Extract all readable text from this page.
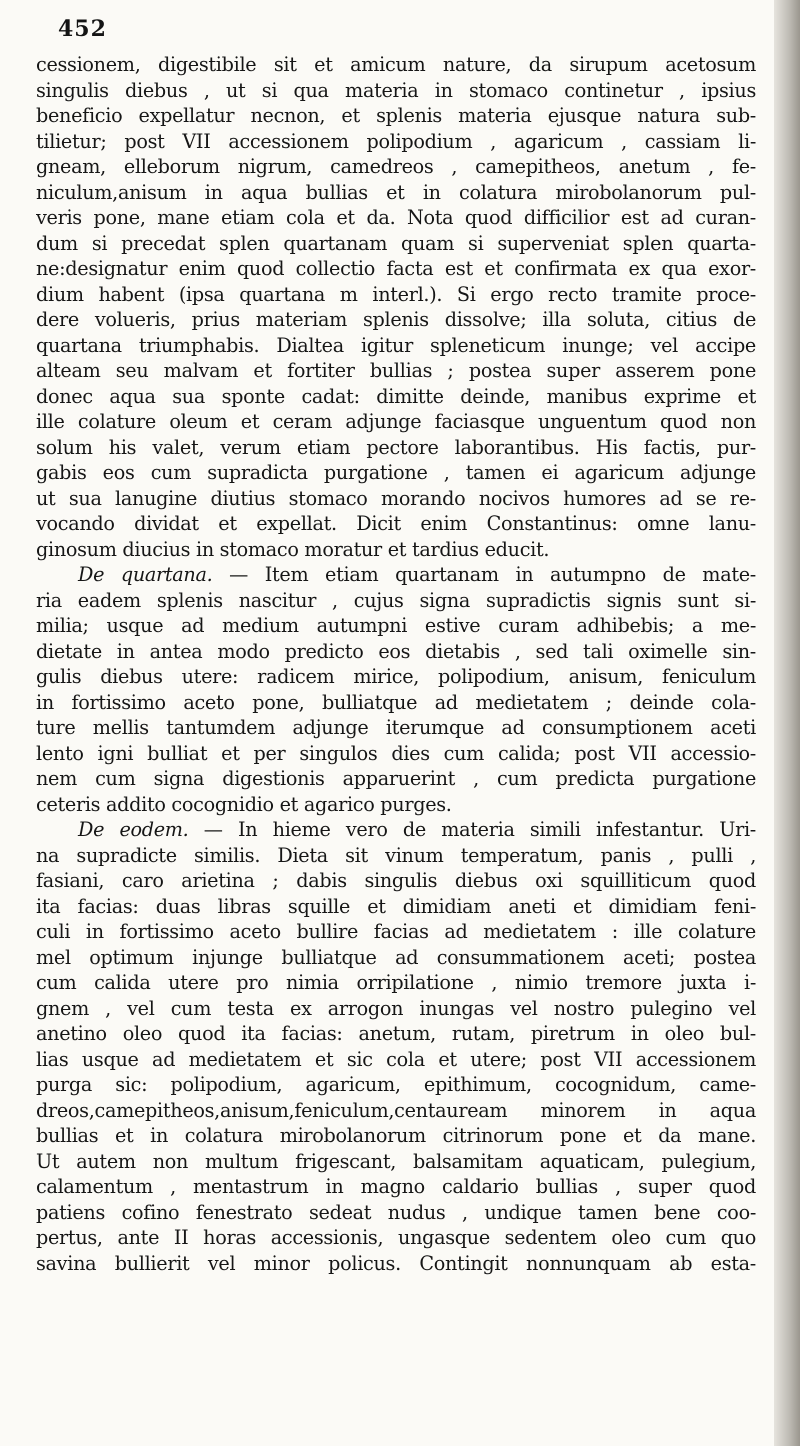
452
cessionem, digestibile sit et amicum nature, da sirupum acetosum
singulis diebus , ut si qua materia in stomaco continetur , ipsius
beneficio expellatur necnon, et splenis materia ejusque natura sub-
tilietur; post VII accessionem polipodium , agaricum , cassiam li-
gneam, elleborum nigrum, camedreos , camepitheos, anetum , fe-
niculum,anisum in aqua bullias et in colatura mirobolanorum pul-
veris pone, mane etiam cola et da. Nota quod difficilior est ad curan-
dum si precedat splen quartanam quam si superveniat splen quarta-
ne:designatur enim quod collectio facta est et confirmata ex qua exor-
dium habent (ipsa quartana m interl.). Si ergo recto tramite proce-
dere volueris, prius materiam splenis dissolve; illa soluta, citius de
quartana triumphabis. Dialtea igitur spleneticum inunge; vel accipe
alteam seu malvam et fortiter bullias ; postea super asserem pone
donec aqua sua sponte cadat: dimitte deinde, manibus exprime et
ille colature oleum et ceram adjunge faciasque unguentum quod non
solum his valet, verum etiam pectore laborantibus. His factis, pur-
gabis eos cum supradicta purgatione , tamen ei agaricum adjunge
ut sua lanugine diutius stomaco morando nocivos humores ad se re-
vocando dividat et expellat. Dicit enim Constantinus: omne lanu-
ginosum diucius in stomaco moratur et tardius educit.
De quartana. — Item etiam quartanam in autumpno de mate-
ria eadem splenis nascitur , cujus signa supradictis signis sunt si-
milia; usque ad medium autumpni estive curam adhibebis; a me-
dietate in antea modo predicto eos dietabis , sed tali oximelle sin-
gulis diebus utere: radicem mirice, polipodium, anisum, feniculum
in fortissimo aceto pone, bulliatque ad medietatem ; deinde cola-
ture mellis tantumdem adjunge iterumque ad consumptionem aceti
lento igni bulliat et per singulos dies cum calida; post VII accessio-
nem cum signa digestionis apparuerint , cum predicta purgatione
ceteris addito cocognidio et agarico purges.
De eodem. — In hieme vero de materia simili infestantur. Uri-
na supradicte similis. Dieta sit vinum temperatum, panis , pulli ,
fasiani, caro arietina ; dabis singulis diebus oxi squilliticum quod
ita facias: duas libras squille et dimidiam aneti et dimidiam feni-
culi in fortissimo aceto bullire facias ad medietatem : ille colature
mel optimum injunge bulliatque ad consummationem aceti; postea
cum calida utere pro nimia orripilatione , nimio tremore juxta i-
gnem , vel cum testa ex arrogon inungas vel nostro pulegino vel
anetino oleo quod ita facias: anetum, rutam, piretrum in oleo bul-
lias usque ad medietatem et sic cola et utere; post VII accessionem
purga sic: polipodium, agaricum, epithimum, cocognidum, came-
dreos,camepitheos,anisum,feniculum,centauream minorem in aqua
bullias et in colatura mirobolanorum citrinorum pone et da mane.
Ut autem non multum frigescant, balsamitam aquaticam, pulegium,
calamentum , mentastrum in magno caldario bullias , super quod
patiens cofino fenestrato sedeat nudus , undique tamen bene coo-
pertus, ante II horas accessionis, ungasque sedentem oleo cum quo
savina bullierit vel minor policus. Contingit nonnunquam ab esta-
